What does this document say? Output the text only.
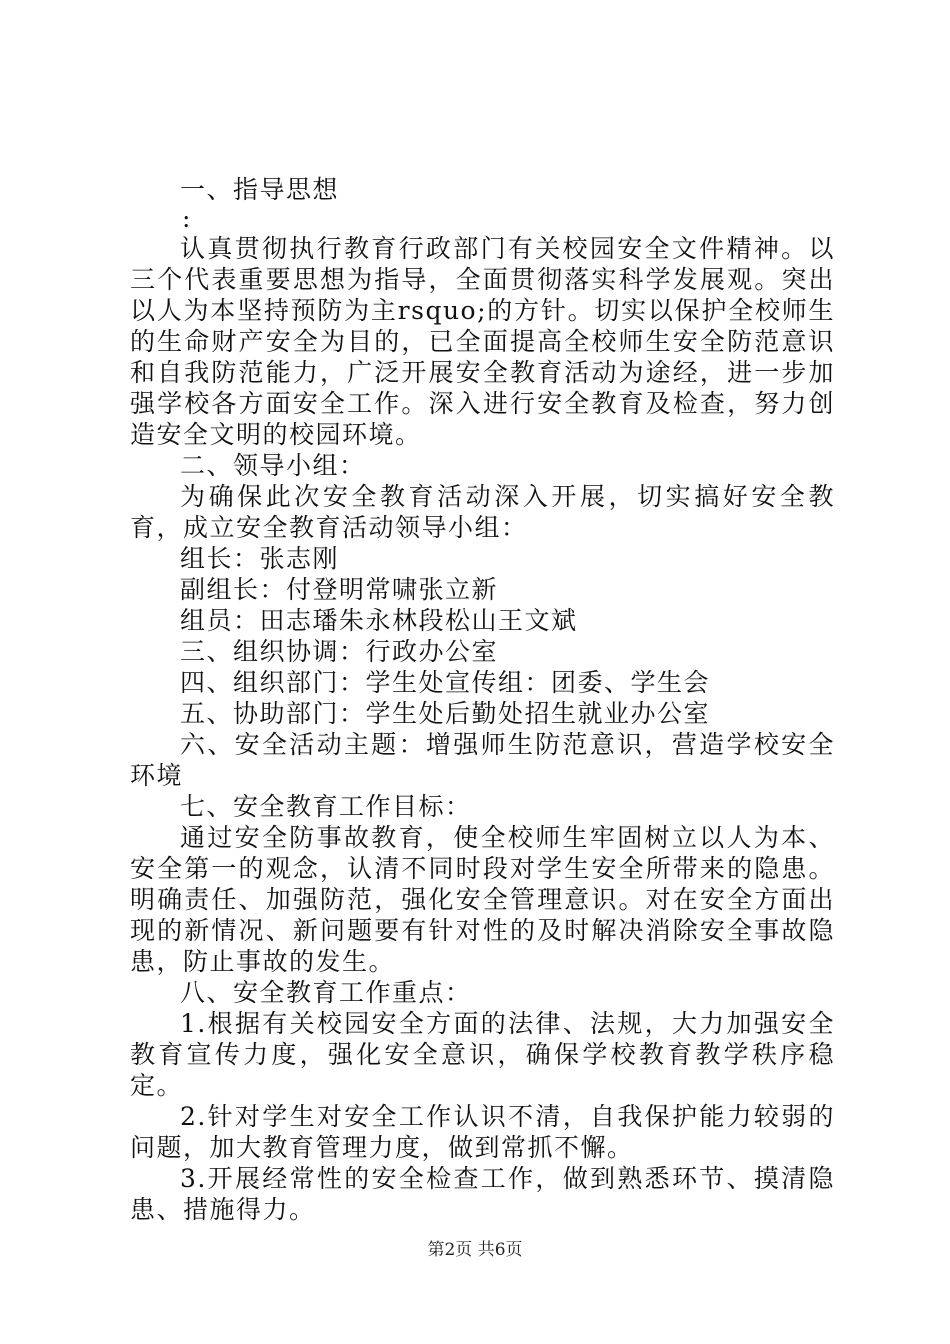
一、指导思想

:

认真贯彻执行教育行政部门有关校园安全文件精神。以三个代表重要思想为指导，全面贯彻落实科学发展观。突出以人为本坚持预防为主rsquo;的方针。切实以保护全校师生的生命财产安全为目的，已全面提高全校师生安全防范意识和自我防范能力，广泛开展安全教育活动为途经，进一步加强学校各方面安全工作。深入进行安全教育及检查，努力创造安全文明的校园环境。

二、领导小组：

为确保此次安全教育活动深入开展，切实搞好安全教育，成立安全教育活动领导小组：

组长：张志刚

副组长：付登明常啸张立新

组员：田志璠朱永林段松山王文斌

三、组织协调：行政办公室

四、组织部门：学生处宣传组：团委、学生会

五、协助部门：学生处后勤处招生就业办公室

六、安全活动主题：增强师生防范意识，营造学校安全环境

七、安全教育工作目标：

通过安全防事故教育，使全校师生牢固树立以人为本、安全第一的观念，认清不同时段对学生安全所带来的隐患。明确责任、加强防范，强化安全管理意识。对在安全方面出现的新情况、新问题要有针对性的及时解决消除安全事故隐患，防止事故的发生。

八、安全教育工作重点：

1.根据有关校园安全方面的法律、法规，大力加强安全教育宣传力度，强化安全意识，确保学校教育教学秩序稳定。

2.针对学生对安全工作认识不清，自我保护能力较弱的问题，加大教育管理力度，做到常抓不懈。

3.开展经常性的安全检查工作，做到熟悉环节、摸清隐患、措施得力。

第2页 共6页
